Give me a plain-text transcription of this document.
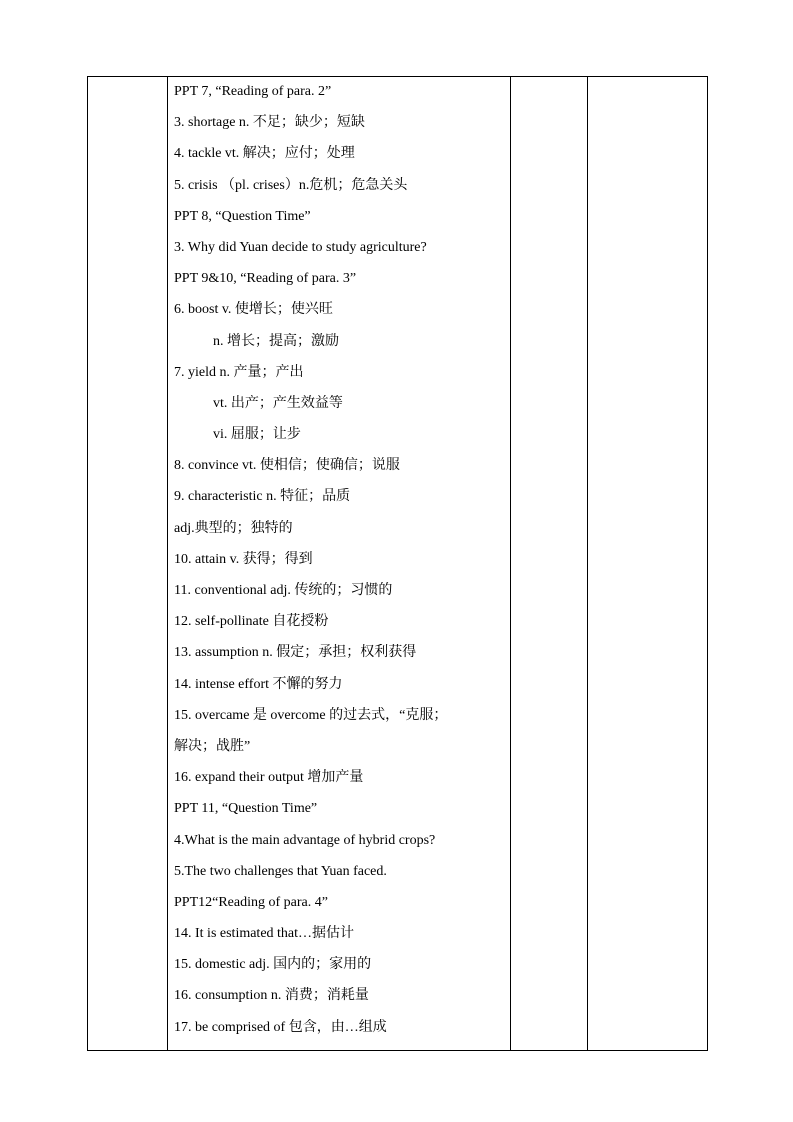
PPT 7, “Reading of para. 2”
3. shortage n. 不足；缺少；短缺
4. tackle vt. 解决；应付；处理
5. crisis （pl. crises）n.危机；危急关头
PPT 8, “Question Time”
3. Why did Yuan decide to study agriculture?
PPT 9&10, “Reading of para. 3”
6. boost v. 使增长；使兴旺
n. 增长；提高；激励
7. yield n. 产量；产出
vt. 出产；产生效益等
vi. 屈服；让步
8. convince vt. 使相信；使确信；说服
9. characteristic n. 特征；品质
adj.典型的；独特的
10. attain v. 获得；得到
11. conventional adj. 传统的；习惯的
12. self-pollinate 自花授粉
13. assumption n. 假定；承担；权利获得
14. intense effort 不懈的努力
15. overcame 是 overcome 的过去式，“克服；
解决；战胜”
16. expand their output 增加产量
PPT 11, “Question Time”
4.What is the main advantage of hybrid crops?
5.The two challenges that Yuan faced.
PPT12“Reading of para. 4”
14. It is estimated that…据估计
15. domestic adj. 国内的；家用的
16. consumption n. 消费；消耗量
17. be comprised of 包含，由…组成
